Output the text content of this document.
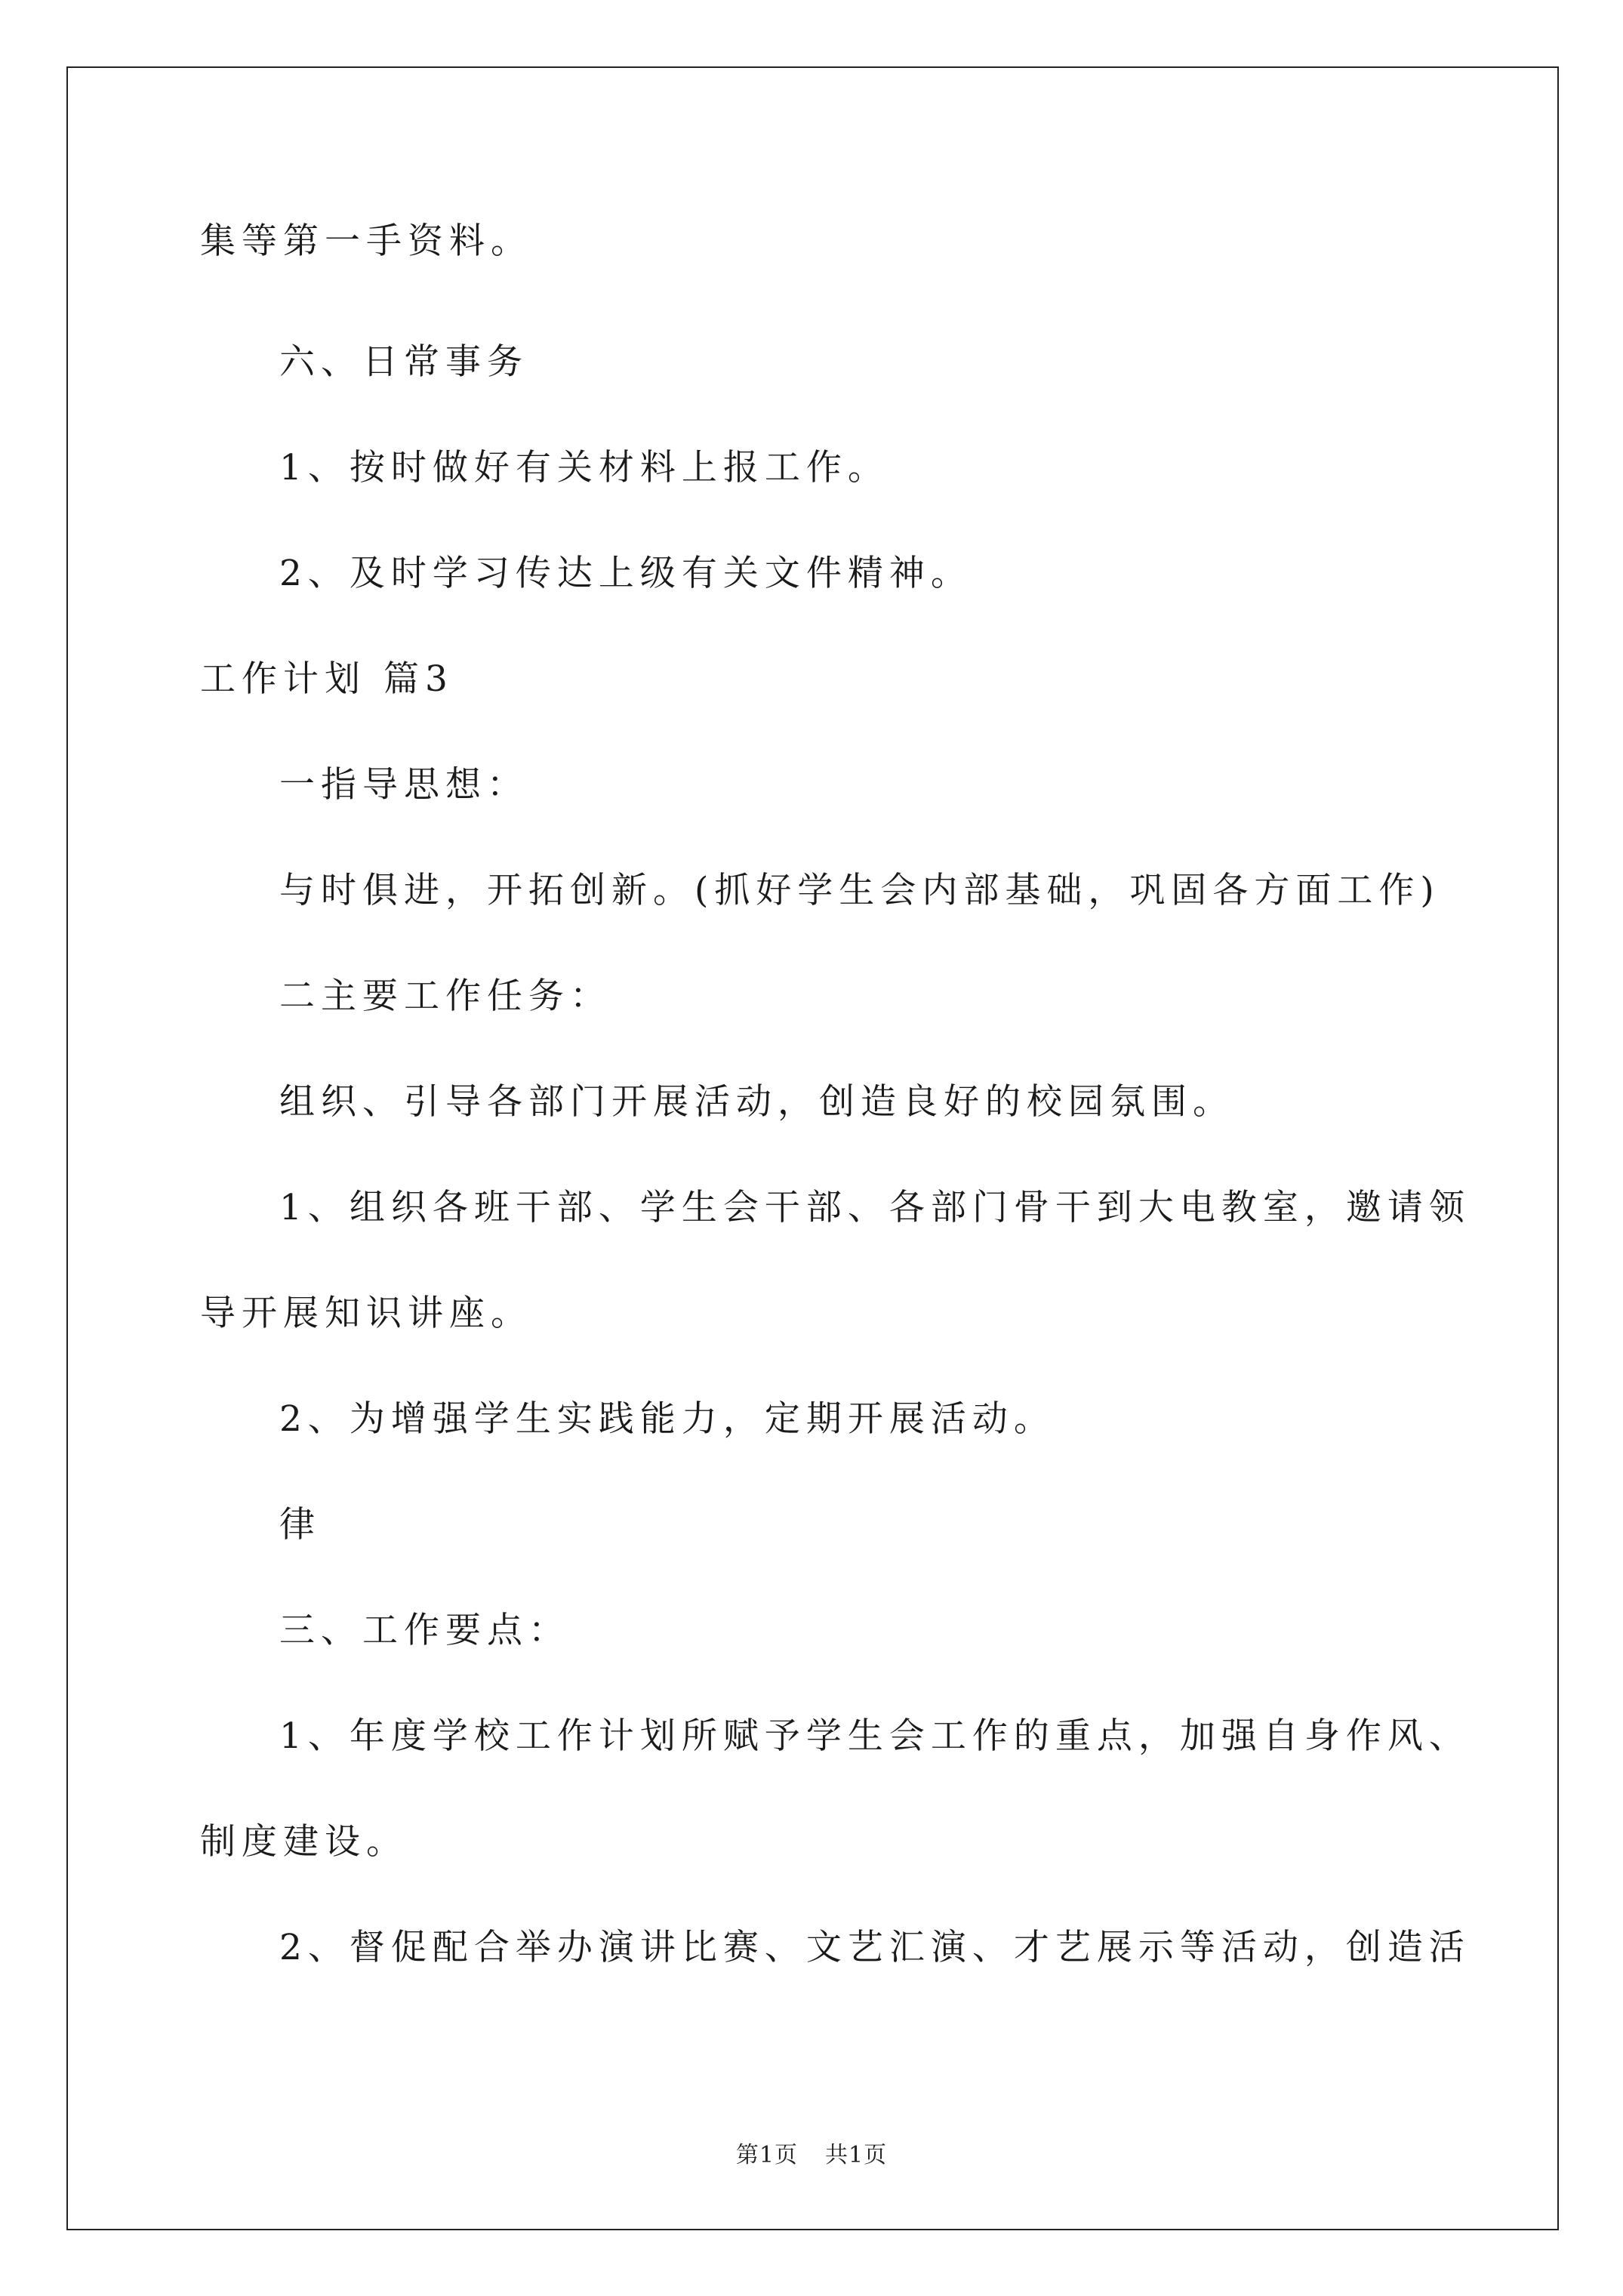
集等第一手资料。
六、日常事务
1、按时做好有关材料上报工作。
2、及时学习传达上级有关文件精神。
工作计划 篇3
一指导思想：
与时俱进，开拓创新。(抓好学生会内部基础，巩固各方面工作)
二主要工作任务：
组织、引导各部门开展活动，创造良好的校园氛围。
1、组织各班干部、学生会干部、各部门骨干到大电教室，邀请领
导开展知识讲座。
2、为增强学生实践能力，定期开展活动。
律
三、工作要点：
1、年度学校工作计划所赋予学生会工作的重点，加强自身作风、
制度建设。
2、督促配合举办演讲比赛、文艺汇演、才艺展示等活动，创造活
第1页 共1页
